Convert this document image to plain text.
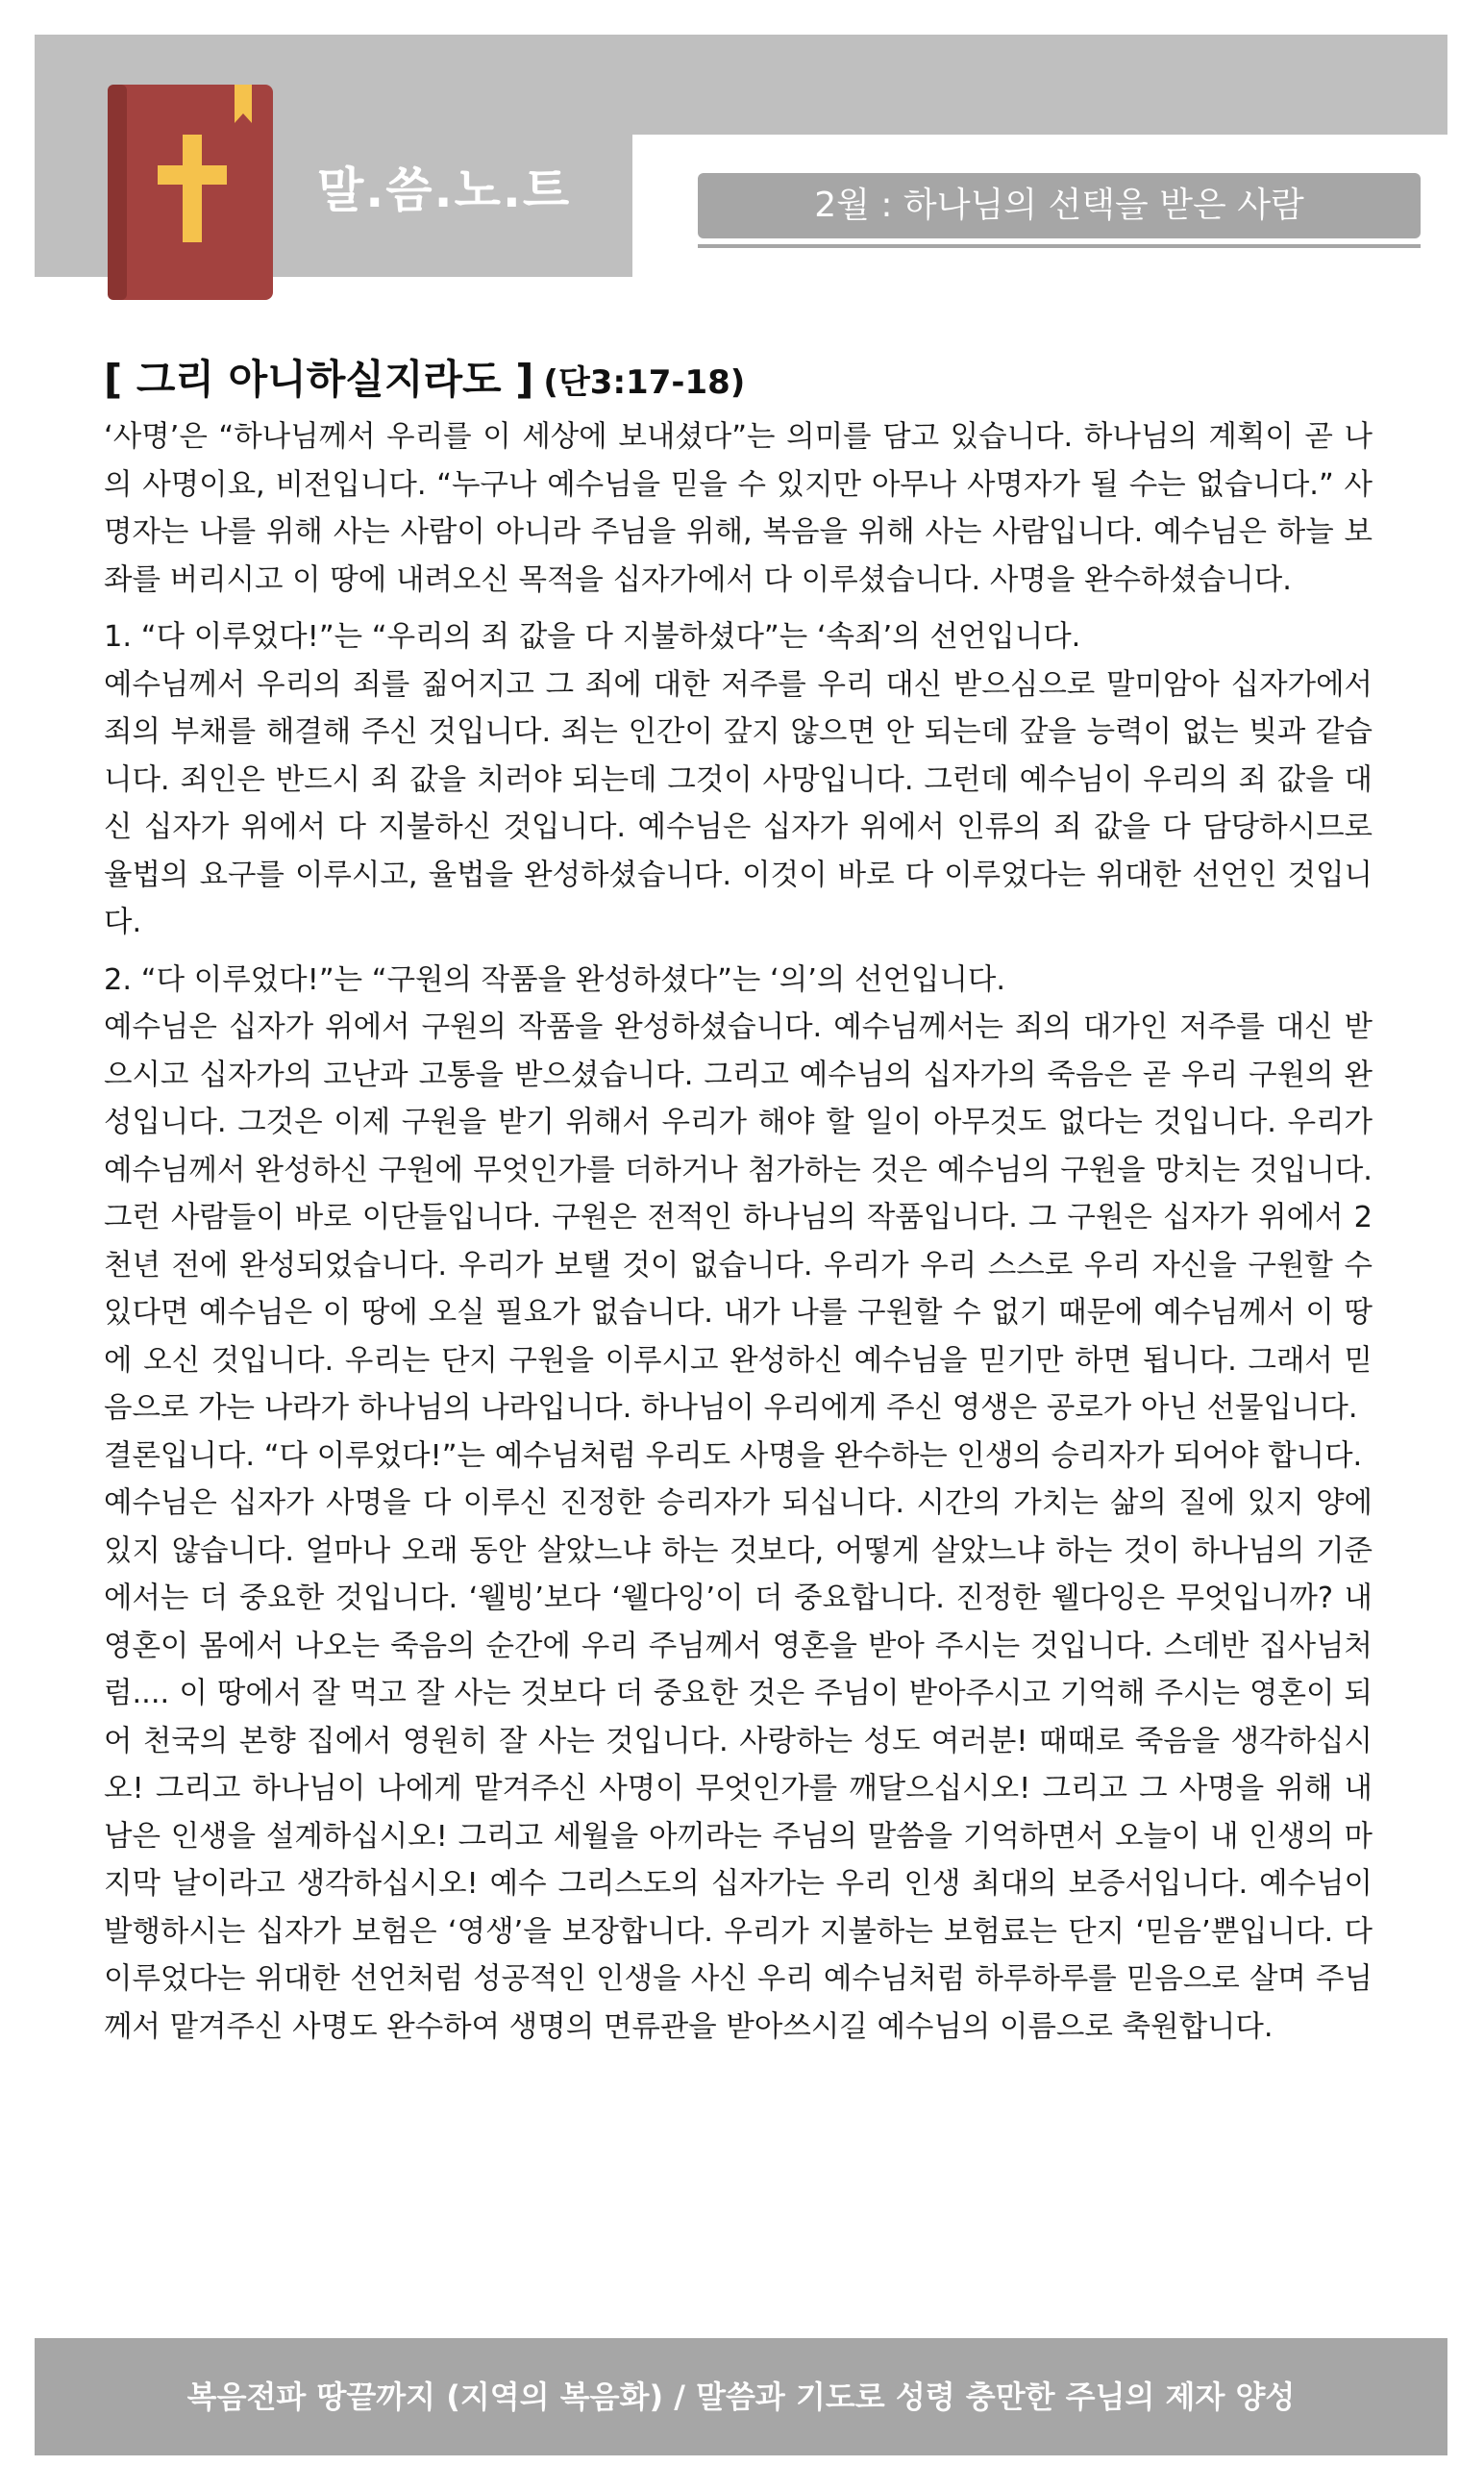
말.씀.노.트	2월 : 하나님의 선택을 받은 사람
[ 그리 아니하실지라도 ] (단3:17-18)

‘사명’은 “하나님께서 우리를 이 세상에 보내셨다”는 의미를 담고 있습니다. 하나님의 계획이 곧 나의 사명이요, 비전입니다. “누구나 예수님을 믿을 수 있지만 아무나 사명자가 될 수는 없습니다.” 사명자는 나를 위해 사는 사람이 아니라 주님을 위해, 복음을 위해 사는 사람입니다. 예수님은 하늘 보좌를 버리시고 이 땅에 내려오신 목적을 십자가에서 다 이루셨습니다. 사명을 완수하셨습니다.

1. “다 이루었다!”는 “우리의 죄 값을 다 지불하셨다”는 ‘속죄’의 선언입니다.

예수님께서 우리의 죄를 짊어지고 그 죄에 대한 저주를 우리 대신 받으심으로 말미암아 십자가에서 죄의 부채를 해결해 주신 것입니다. 죄는 인간이 갚지 않으면 안 되는데 갚을 능력이 없는 빚과 같습니다. 죄인은 반드시 죄 값을 치러야 되는데 그것이 사망입니다. 그런데 예수님이 우리의 죄 값을 대신 십자가 위에서 다 지불하신 것입니다. 예수님은 십자가 위에서 인류의 죄 값을 다 담당하시므로 율법의 요구를 이루시고, 율법을 완성하셨습니다. 이것이 바로 다 이루었다는 위대한 선언인 것입니다.

2. “다 이루었다!”는 “구원의 작품을 완성하셨다”는 ‘의’의 선언입니다.

예수님은 십자가 위에서 구원의 작품을 완성하셨습니다. 예수님께서는 죄의 대가인 저주를 대신 받으시고 십자가의 고난과 고통을 받으셨습니다. 그리고 예수님의 십자가의 죽음은 곧 우리 구원의 완성입니다. 그것은 이제 구원을 받기 위해서 우리가 해야 할 일이 아무것도 없다는 것입니다. 우리가 예수님께서 완성하신 구원에 무엇인가를 더하거나 첨가하는 것은 예수님의 구원을 망치는 것입니다. 그런 사람들이 바로 이단들입니다. 구원은 전적인 하나님의 작품입니다. 그 구원은 십자가 위에서 2천년 전에 완성되었습니다. 우리가 보탤 것이 없습니다. 우리가 우리 스스로 우리 자신을 구원할 수 있다면 예수님은 이 땅에 오실 필요가 없습니다. 내가 나를 구원할 수 없기 때문에 예수님께서 이 땅에 오신 것입니다. 우리는 단지 구원을 이루시고 완성하신 예수님을 믿기만 하면 됩니다. 그래서 믿음으로 가는 나라가 하나님의 나라입니다. 하나님이 우리에게 주신 영생은 공로가 아닌 선물입니다.

결론입니다. “다 이루었다!”는 예수님처럼 우리도 사명을 완수하는 인생의 승리자가 되어야 합니다.

예수님은 십자가 사명을 다 이루신 진정한 승리자가 되십니다. 시간의 가치는 삶의 질에 있지 양에 있지 않습니다. 얼마나 오래 동안 살았느냐 하는 것보다, 어떻게 살았느냐 하는 것이 하나님의 기준에서는 더 중요한 것입니다. ‘웰빙’보다 ‘웰다잉’이 더 중요합니다. 진정한 웰다잉은 무엇입니까? 내 영혼이 몸에서 나오는 죽음의 순간에 우리 주님께서 영혼을 받아 주시는 것입니다. 스데반 집사님처럼.... 이 땅에서 잘 먹고 잘 사는 것보다 더 중요한 것은 주님이 받아주시고 기억해 주시는 영혼이 되어 천국의 본향 집에서 영원히 잘 사는 것입니다. 사랑하는 성도 여러분! 때때로 죽음을 생각하십시오! 그리고 하나님이 나에게 맡겨주신 사명이 무엇인가를 깨달으십시오! 그리고 그 사명을 위해 내 남은 인생을 설계하십시오! 그리고 세월을 아끼라는 주님의 말씀을 기억하면서 오늘이 내 인생의 마지막 날이라고 생각하십시오! 예수 그리스도의 십자가는 우리 인생 최대의 보증서입니다. 예수님이 발행하시는 십자가 보험은 ‘영생’을 보장합니다. 우리가 지불하는 보험료는 단지 ‘믿음’뿐입니다. 다 이루었다는 위대한 선언처럼 성공적인 인생을 사신 우리 예수님처럼 하루하루를 믿음으로 살며 주님께서 맡겨주신 사명도 완수하여 생명의 면류관을 받아쓰시길 예수님의 이름으로 축원합니다.

복음전파 땅끝까지 (지역의 복음화) / 말씀과 기도로 성령 충만한 주님의 제자 양성
